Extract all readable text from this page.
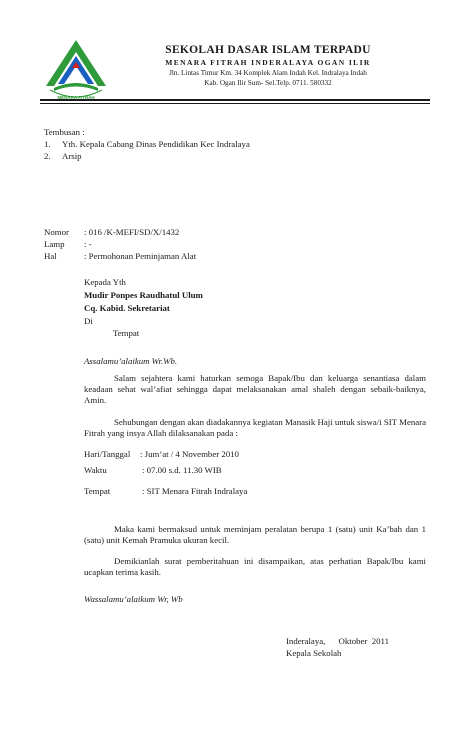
MENARA FITRAH
SEKOLAH DASAR ISLAM TERPADU
MENARA FITRAH INDERALAYA OGAN ILIR
Jln. Lintas Timur Km. 34 Komplek Alam Indah Kel. Indralaya Indah
Kab. Ogan Ilir Sum- Sel.Telp. 0711. 580332
Tembusan :
1. Yth. Kepala Cabang Dinas Pendidikan Kec Indralaya
2. Arsip
Nomor : 016 /K-MEFI/SD/X/1432
Lamp : -
Hal	: Permohonan Peminjaman Alat
Kepada Yth
Mudir Ponpes Raudhatul Ulum
Cq. Kabid. Sekretariat
Di
Tempat
Assalamu’alaikum Wr.Wb.
Salam sejahtera kami haturkan semoga Bapak/Ibu dan keluarga senantiasa dalam keadaan sehat wal’afiat sehingga dapat melaksanakan amal shaleh dengan sebaik-baiknya, Amin.
Sehubungan dengan akan diadakannya kegiatan Manasik Haji untuk siswa/i SIT Menara Fitrah yang insya Allah dilaksanakan pada :
Hari/Tanggal : Jum’at / 4 November 2010
Waktu	: 07.00 s.d. 11.30 WIB
Tempat	: SIT Menara Fitrah Indralaya
Maka kami bermaksud untuk meminjam peralatan berupa 1 (satu) unit Ka’bah dan 1 (satu) unit Kemah Pramuka ukuran kecil.
Demikianlah surat pemberitahuan ini disampaikan, atas perhatian Bapak/Ibu kami ucapkan terima kasih.
Wassalamu’alaikum Wr, Wb
Inderalaya,      Oktober  2011
Kepala Sekolah
